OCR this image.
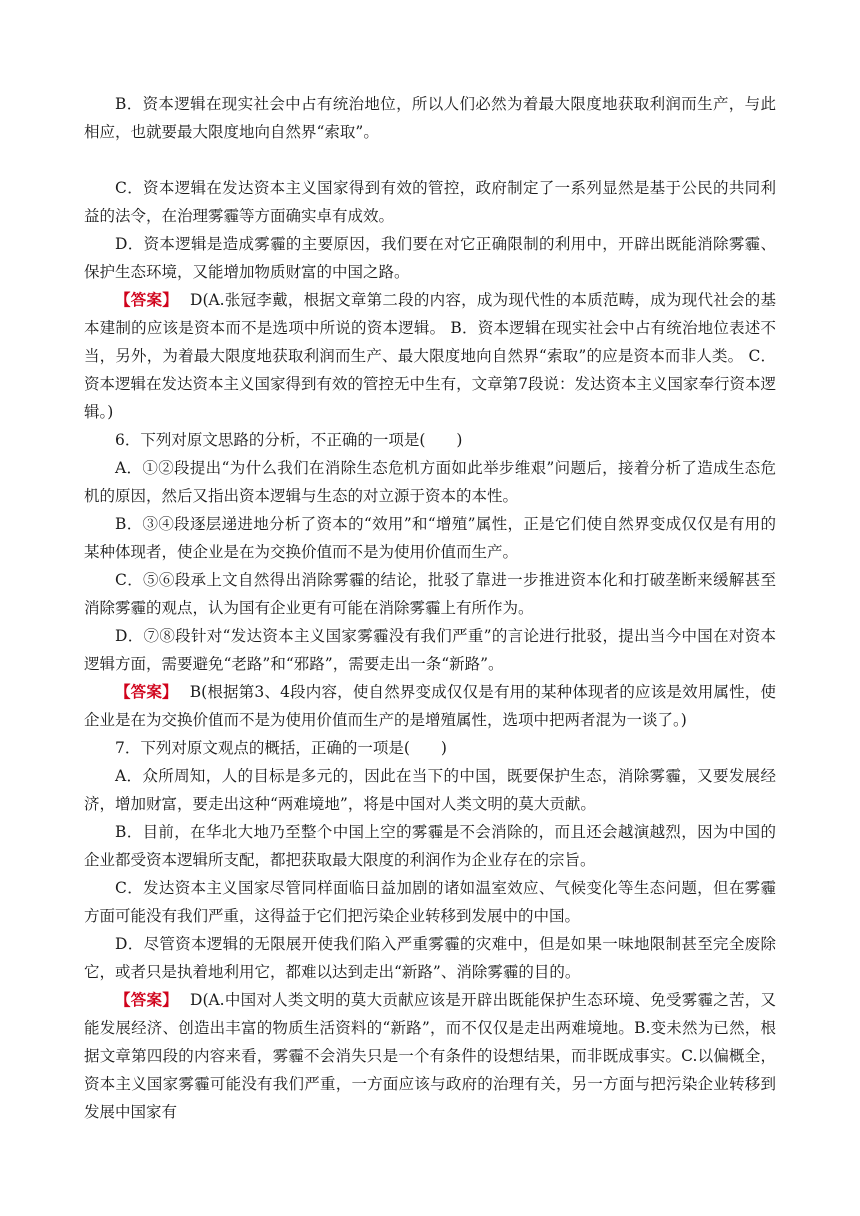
B．资本逻辑在现实社会中占有统治地位，所以人们必然为着最大限度地获取利润而生产，与此相应，也就要最大限度地向自然界“索取”。

C．资本逻辑在发达资本主义国家得到有效的管控，政府制定了一系列显然是基于公民的共同利益的法令，在治理雾霾等方面确实卓有成效。

D．资本逻辑是造成雾霾的主要原因，我们要在对它正确限制的利用中，开辟出既能消除雾霾、保护生态环境，又能增加物质财富的中国之路。

【答案】 D(A.张冠李戴，根据文章第二段的内容，成为现代性的本质范畴，成为现代社会的基本建制的应该是资本而不是选项中所说的资本逻辑。 B．资本逻辑在现实社会中占有统治地位表述不当，另外，为着最大限度地获取利润而生产、最大限度地向自然界“索取”的应是资本而非人类。 C．资本逻辑在发达资本主义国家得到有效的管控无中生有，文章第7段说：发达资本主义国家奉行资本逻辑。)

6．下列对原文思路的分析，不正确的一项是(　　)

A．①②段提出“为什么我们在消除生态危机方面如此举步维艰”问题后，接着分析了造成生态危机的原因，然后又指出资本逻辑与生态的对立源于资本的本性。

B．③④段逐层递进地分析了资本的“效用”和“增殖”属性，正是它们使自然界变成仅仅是有用的某种体现者，使企业是在为交换价值而不是为使用价值而生产。

C．⑤⑥段承上文自然得出消除雾霾的结论，批驳了靠进一步推进资本化和打破垄断来缓解甚至消除雾霾的观点，认为国有企业更有可能在消除雾霾上有所作为。

D．⑦⑧段针对“发达资本主义国家雾霾没有我们严重”的言论进行批驳，提出当今中国在对资本逻辑方面，需要避免“老路”和“邪路”，需要走出一条“新路”。

【答案】 B(根据第3、4段内容，使自然界变成仅仅是有用的某种体现者的应该是效用属性，使企业是在为交换价值而不是为使用价值而生产的是增殖属性，选项中把两者混为一谈了。)

7．下列对原文观点的概括，正确的一项是(　　)

A．众所周知，人的目标是多元的，因此在当下的中国，既要保护生态，消除雾霾，又要发展经济，增加财富，要走出这种“两难境地”，将是中国对人类文明的莫大贡献。

B．目前，在华北大地乃至整个中国上空的雾霾是不会消除的，而且还会越演越烈，因为中国的企业都受资本逻辑所支配，都把获取最大限度的利润作为企业存在的宗旨。

C．发达资本主义国家尽管同样面临日益加剧的诸如温室效应、气候变化等生态问题，但在雾霾方面可能没有我们严重，这得益于它们把污染企业转移到发展中的中国。

D．尽管资本逻辑的无限展开使我们陷入严重雾霾的灾难中，但是如果一味地限制甚至完全废除它，或者只是执着地利用它，都难以达到走出“新路”、消除雾霾的目的。

【答案】 D(A.中国对人类文明的莫大贡献应该是开辟出既能保护生态环境、免受雾霾之苦，又能发展经济、创造出丰富的物质生活资料的“新路”，而不仅仅是走出两难境地。B.变未然为已然，根据文章第四段的内容来看，雾霾不会消失只是一个有条件的设想结果，而非既成事实。C.以偏概全，资本主义国家雾霾可能没有我们严重，一方面应该与政府的治理有关，另一方面与把污染企业转移到发展中国家有
